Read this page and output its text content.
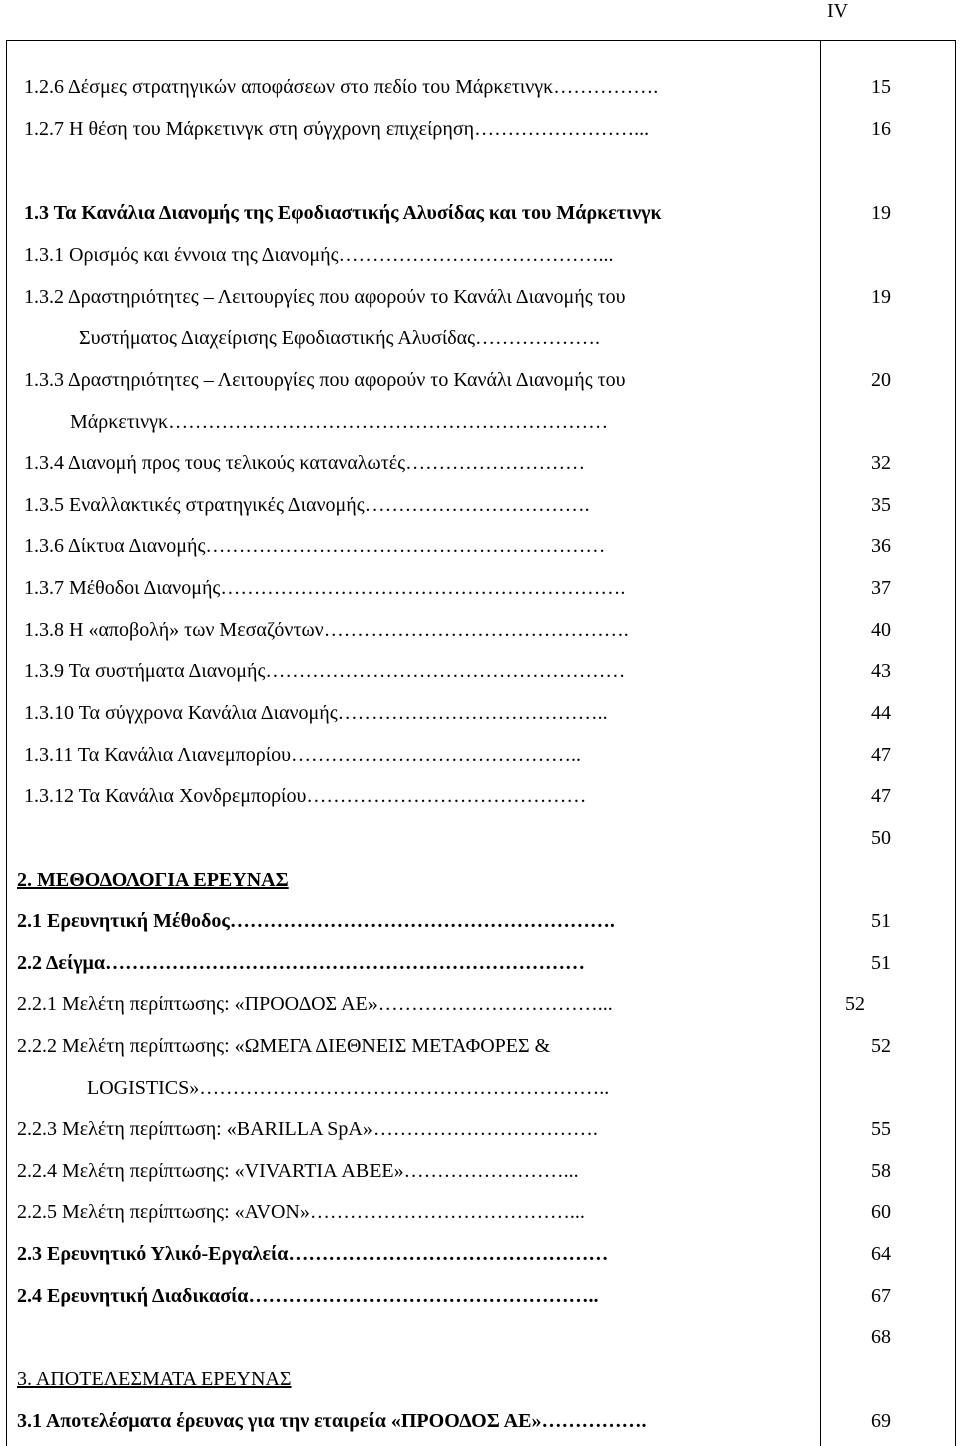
IV
1.2.6 Δέσμες στρατηγικών αποφάσεων στο πεδίο του Μάρκετινγκ…………….	15
1.2.7 Η θέση του Μάρκετινγκ στη σύγχρονη επιχείρηση……………………...	16
1.3 Τα Κανάλια Διανομής της Εφοδιαστικής Αλυσίδας και του Μάρκετινγκ	19
1.3.1 Ορισμός και έννοια της Διανομής…………………………………...
1.3.2 Δραστηριότητες – Λειτουργίες που αφορούν το Κανάλι Διανομής του	19
Συστήματος Διαχείρισης Εφοδιαστικής Αλυσίδας……………….
1.3.3 Δραστηριότητες – Λειτουργίες που αφορούν το Κανάλι Διανομής του	20
Μάρκετινγκ…………………………………………………………
1.3.4 Διανομή προς τους τελικούς καταναλωτές………………………	32
1.3.5 Εναλλακτικές στρατηγικές Διανομής…………………………….	35
1.3.6 Δίκτυα Διανομής……………………………………………………	36
1.3.7 Μέθοδοι Διανομής…………………………………………………….	37
1.3.8 Η «αποβολή» των Μεσαζόντων……………………………………….	40
1.3.9 Τα συστήματα Διανομής………………………………………………	43
1.3.10 Τα σύγχρονα Κανάλια Διανομής…………………………………..	44
1.3.11 Τα Κανάλια Λιανεμπορίου……………………………………..	47
1.3.12 Τα Κανάλια Χονδρεμπορίου……………………………………	47
50
2. ΜΕΘΟΔΟΛΟΓΙΑ ΕΡΕΥΝΑΣ
2.1 Ερευνητική Μέθοδος………………………………………………….	51
2.2 Δείγμα………………………………………………………………	51
2.2.1 Μελέτη περίπτωσης: «ΠΡΟΟΔΟΣ ΑΕ»……………………………...	52
2.2.2 Μελέτη περίπτωσης: «ΩΜΕΓΑ ΔΙΕΘΝΕΙΣ ΜΕΤΑΦΟΡΕΣ &	52
LOGISTICS»……………………………………………………..
2.2.3 Μελέτη περίπτωση: «BARILLA SpA»…………………………….	55
2.2.4 Μελέτη περίπτωσης: «VIVARTIA ΑΒΕΕ»……………………...	58
2.2.5 Μελέτη περίπτωσης: «AVON»…………………………………...	60
2.3 Ερευνητικό Υλικό-Εργαλεία…………………………………………	64
2.4 Ερευνητική Διαδικασία……………………………………………..	67
68
3. ΑΠΟΤΕΛΕΣΜΑΤΑ ΕΡΕΥΝΑΣ
3.1 Αποτελέσματα έρευνας για την εταιρεία «ΠΡΟΟΔΟΣ ΑΕ»…………….	69
